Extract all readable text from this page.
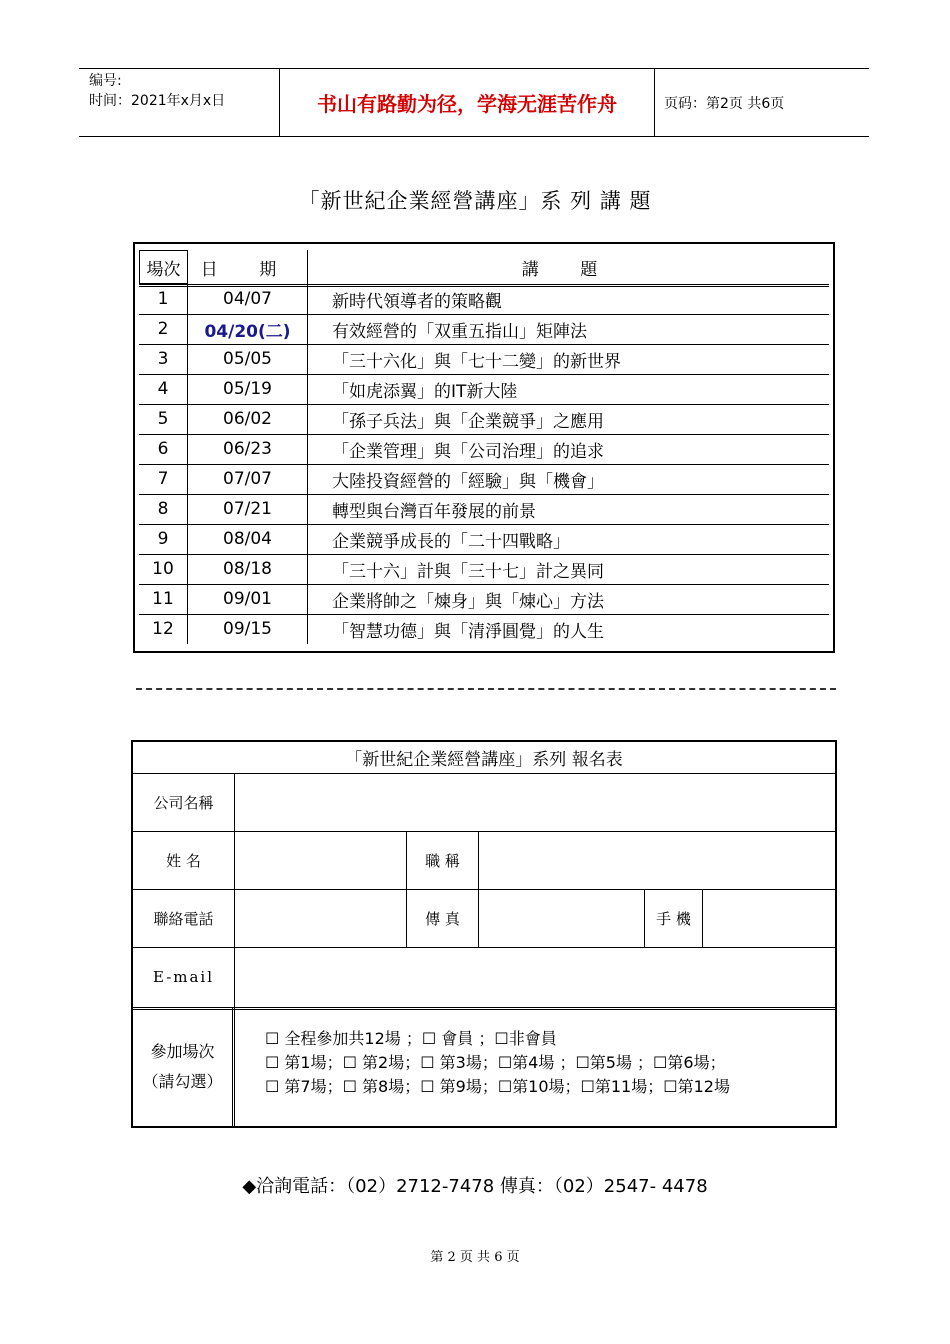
编号:
时间：2021年x月x日	书山有路勤为径，学海无涯苦作舟	页码：第2页 共6页
「新世紀企業經營講座」系 列 講 題
場次	日 期	講 題
1	04/07	新時代領導者的策略觀
2	04/20(二)	有效經營的「双重五指山」矩陣法
3	05/05	「三十六化」與「七十二變」的新世界
4	05/19	「如虎添翼」的IT新大陸
5	06/02	「孫子兵法」與「企業競爭」之應用
6	06/23	「企業管理」與「公司治理」的追求
7	07/07	大陸投資經營的「經驗」與「機會」
8	07/21	轉型與台灣百年發展的前景
9	08/04	企業競爭成長的「二十四戰略」
10	08/18	「三十六」計與「三十七」計之異同
11	09/01	企業將帥之「煉身」與「煉心」方法
12	09/15	「智慧功德」與「清淨圓覺」的人生
「新世紀企業經營講座」系列 報名表
公司名稱
姓 名	職 稱
聯絡電話	傳 真	手 機
E-mail
參加場次
（請勾選）
☐ 全程參加共12場 ；☐ 會員 ；☐非會員
☐ 第1場；☐ 第2場；☐ 第3場；☐第4場 ；☐第5場 ；☐第6場；
☐ 第7場；☐ 第8場；☐ 第9場；☐第10場；☐第11場；☐第12場
◆洽詢電話：（02）2712-7478 傳真：（02）2547- 4478
第 2 页 共 6 页
